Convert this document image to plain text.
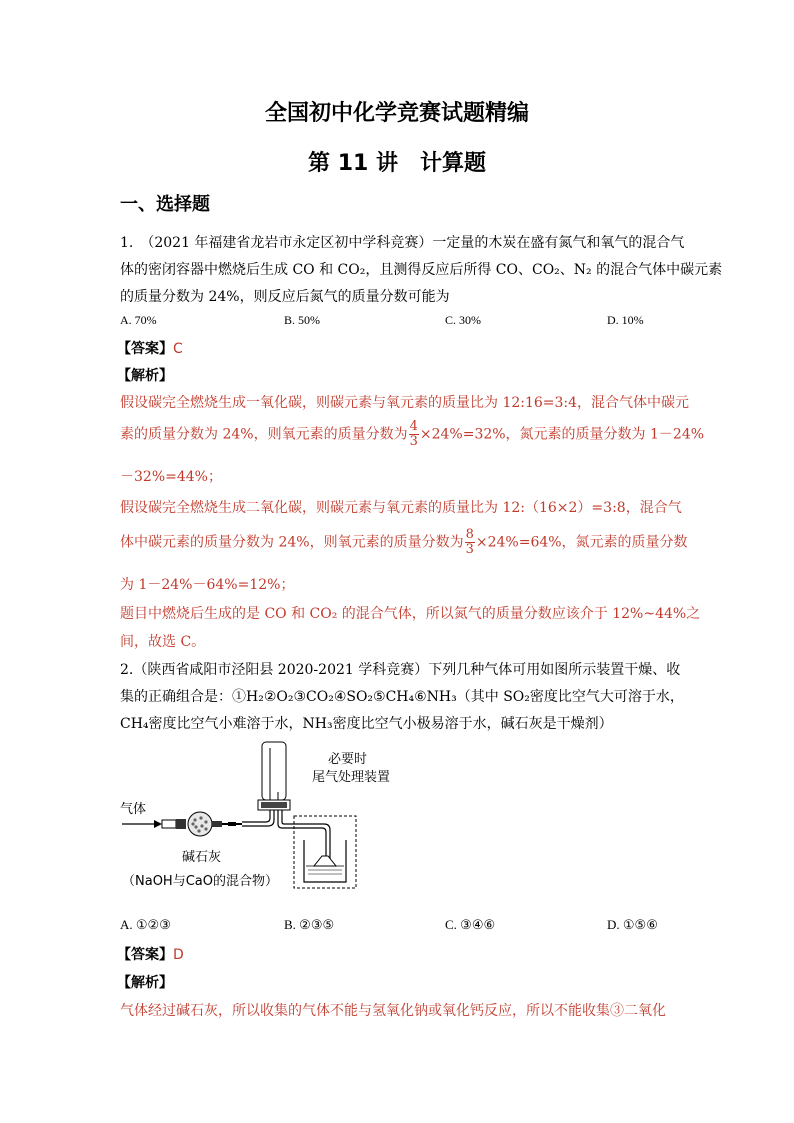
全国初中化学竞赛试题精编
第 11 讲　计算题
一、选择题
1.　（2021 年福建省龙岩市永定区初中学科竞赛）一定量的木炭在盛有氮气和氧气的混合气
体的密闭容器中燃烧后生成 CO 和 CO₂，且测得反应后所得 CO、CO₂、N₂ 的混合气体中碳元素
的质量分数为 24%，则反应后氮气的质量分数可能为
A. 70%	B. 50%	C. 30%	D. 10%
【答案】C
【解析】
假设碳完全燃烧生成一氧化碳，则碳元素与氧元素的质量比为 12:16=3:4，混合气体中碳元
素的质量分数为 24%，则氧元素的质量分数为 $\frac{4}{3} \times 24\%=32\%$，氮元素的质量分数为 1－24%
－32%=44%；
假设碳完全燃烧生成二氧化碳，则碳元素与氧元素的质量比为 12:（16×2）=3:8，混合气
体中碳元素的质量分数为 24%，则氧元素的质量分数为 $\frac{8}{3} \times 24\%=64\%$，氮元素的质量分数
为 1－24%－64%=12%；
题目中燃烧后生成的是 CO 和 CO₂ 的混合气体，所以氮气的质量分数应该介于 12%~44%之
间，故选 C。
2.（陕西省咸阳市泾阳县 2020-2021 学科竞赛）下列几种气体可用如图所示装置干燥、收
集的正确组合是：①H₂②O₂③CO₂④SO₂⑤CH₄⑥NH₃（其中 SO₂密度比空气大可溶于水，
CH₄密度比空气小难溶于水，NH₃密度比空气小极易溶于水，碱石灰是干燥剂）
气体
必要时
尾气处理装置
碱石灰
（NaOH与CaO的混合物）
A. ①②③	B. ②③⑤	C. ③④⑥	D. ①⑤⑥
【答案】D
【解析】
气体经过碱石灰，所以收集的气体不能与氢氧化钠或氧化钙反应，所以不能收集③二氧化
